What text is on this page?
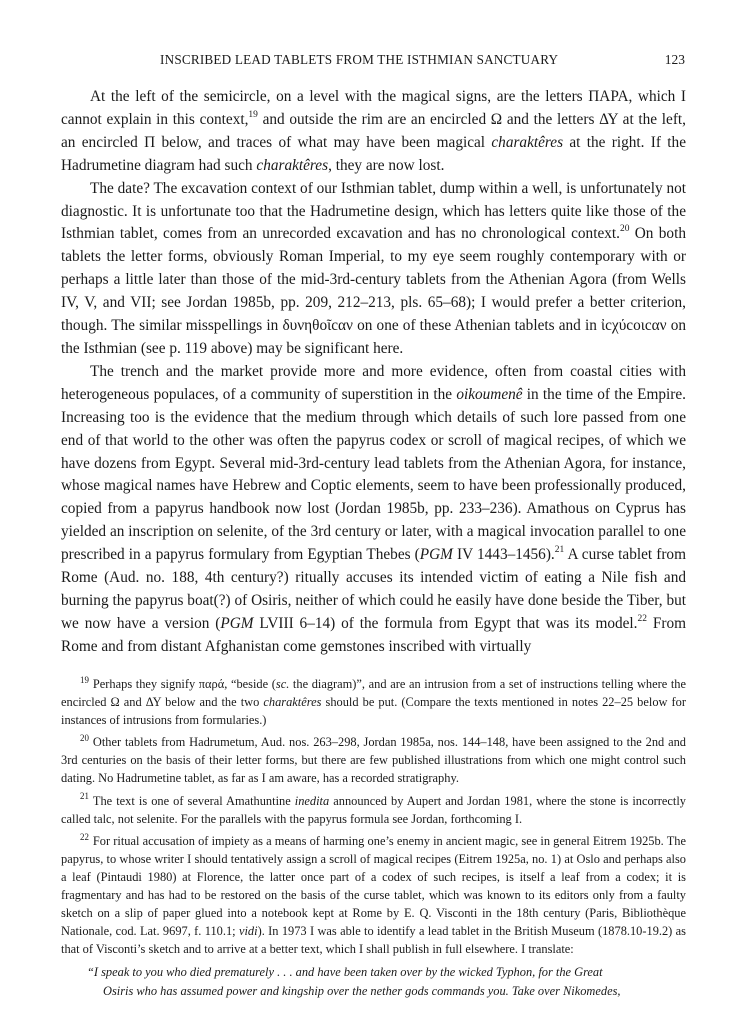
INSCRIBED LEAD TABLETS FROM THE ISTHMIAN SANCTUARY	123

At the left of the semicircle, on a level with the magical signs, are the letters ΠΑΡΑ, which I cannot explain in this context,$^{19}$ and outside the rim are an encircled Ω and the letters ΔΥ at the left, an encircled Π below, and traces of what may have been magical charaktêres at the right. If the Hadrumetine diagram had such charaktêres, they are now lost.

The date? The excavation context of our Isthmian tablet, dump within a well, is unfortunately not diagnostic. It is unfortunate too that the Hadrumetine design, which has letters quite like those of the Isthmian tablet, comes from an unrecorded excavation and has no chronological context.$^{20}$ On both tablets the letter forms, obviously Roman Imperial, to my eye seem roughly contemporary with or perhaps a little later than those of the mid-3rd-century tablets from the Athenian Agora (from Wells IV, V, and VII; see Jordan 1985b, pp. 209, 212–213, pls. 65–68); I would prefer a better criterion, though. The similar misspellings in δυνηθοῖcαν on one of these Athenian tablets and in ἰcχύcοιcαν on the Isthmian (see p. 119 above) may be significant here.

The trench and the market provide more and more evidence, often from coastal cities with heterogeneous populaces, of a community of superstition in the oikoumenê in the time of the Empire. Increasing too is the evidence that the medium through which details of such lore passed from one end of that world to the other was often the papyrus codex or scroll of magical recipes, of which we have dozens from Egypt. Several mid-3rd-century lead tablets from the Athenian Agora, for instance, whose magical names have Hebrew and Coptic elements, seem to have been professionally produced, copied from a papyrus handbook now lost (Jordan 1985b, pp. 233–236). Amathous on Cyprus has yielded an inscription on selenite, of the 3rd century or later, with a magical invocation parallel to one prescribed in a papyrus formulary from Egyptian Thebes (PGM IV 1443–1456).$^{21}$ A curse tablet from Rome (Aud. no. 188, 4th century?) ritually accuses its intended victim of eating a Nile fish and burning the papyrus boat(?) of Osiris, neither of which could he easily have done beside the Tiber, but we now have a version (PGM LVIII 6–14) of the formula from Egypt that was its model.$^{22}$ From Rome and from distant Afghanistan come gemstones inscribed with virtually

$^{19}$ Perhaps they signify παρά, “beside (sc. the diagram)”, and are an intrusion from a set of instructions telling where the encircled Ω and ΔΥ below and the two charaktêres should be put. (Compare the texts mentioned in notes 22–25 below for instances of intrusions from formularies.)

$^{20}$ Other tablets from Hadrumetum, Aud. nos. 263–298, Jordan 1985a, nos. 144–148, have been assigned to the 2nd and 3rd centuries on the basis of their letter forms, but there are few published illustrations from which one might control such dating. No Hadrumetine tablet, as far as I am aware, has a recorded stratigraphy.

$^{21}$ The text is one of several Amathuntine inedita announced by Aupert and Jordan 1981, where the stone is incorrectly called talc, not selenite. For the parallels with the papyrus formula see Jordan, forthcoming I.

$^{22}$ For ritual accusation of impiety as a means of harming one’s enemy in ancient magic, see in general Eitrem 1925b. The papyrus, to whose writer I should tentatively assign a scroll of magical recipes (Eitrem 1925a, no. 1) at Oslo and perhaps also a leaf (Pintaudi 1980) at Florence, the latter once part of a codex of such recipes, is itself a leaf from a codex; it is fragmentary and has had to be restored on the basis of the curse tablet, which was known to its editors only from a faulty sketch on a slip of paper glued into a notebook kept at Rome by E. Q. Visconti in the 18th century (Paris, Bibliothèque Nationale, cod. Lat. 9697, f. 110.1; vidi). In 1973 I was able to identify a lead tablet in the British Museum (1878.10-19.2) as that of Visconti’s sketch and to arrive at a better text, which I shall publish in full elsewhere. I translate:

“I speak to you who died prematurely . . . and have been taken over by the wicked Typhon, for the Great
Osiris who has assumed power and kingship over the nether gods commands you. Take over Nikomedes,
